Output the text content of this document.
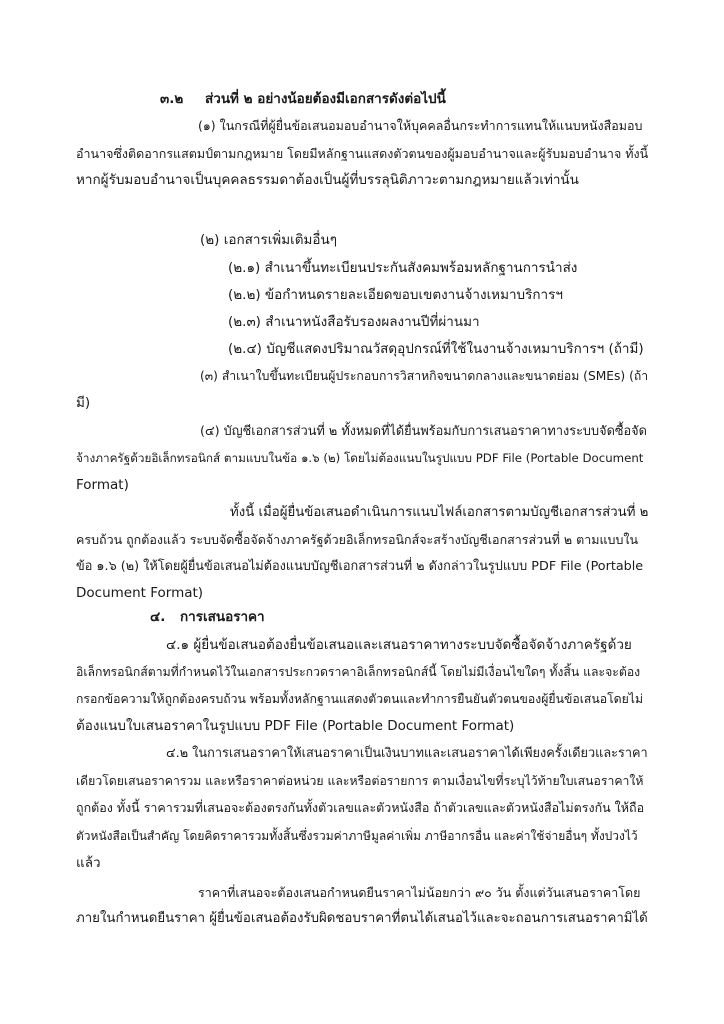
๓.๒ ส่วนที่ ๒ อย่างน้อยต้องมีเอกสารดังต่อไปนี้
(๑) ในกรณีที่ผู้ยื่นข้อเสนอมอบอำนาจให้บุคคลอื่นกระทำการแทนให้แนบหนังสือมอบ
อำนาจซึ่งติดอากรแสตมป์ตามกฎหมาย โดยมีหลักฐานแสดงตัวตนของผู้มอบอำนาจและผู้รับมอบอำนาจ ทั้งนี้
หากผู้รับมอบอำนาจเป็นบุคคลธรรมดาต้องเป็นผู้ที่บรรลุนิติภาวะตามกฎหมายแล้วเท่านั้น
(๒) เอกสารเพิ่มเติมอื่นๆ
(๒.๑) สำเนาขึ้นทะเบียนประกันสังคมพร้อมหลักฐานการนำส่ง
(๒.๒) ข้อกำหนดรายละเอียดขอบเขตงานจ้างเหมาบริการฯ
(๒.๓) สำเนาหนังสือรับรองผลงานปีที่ผ่านมา
(๒.๔) บัญชีแสดงปริมาณวัสดุอุปกรณ์ที่ใช้ในงานจ้างเหมาบริการฯ (ถ้ามี)
(๓) สำเนาใบขึ้นทะเบียนผู้ประกอบการวิสาหกิจขนาดกลางและขนาดย่อม (SMEs) (ถ้า
มี)
(๔) บัญชีเอกสารส่วนที่ ๒ ทั้งหมดที่ได้ยื่นพร้อมกับการเสนอราคาทางระบบจัดซื้อจัด
จ้างภาครัฐด้วยอิเล็กทรอนิกส์ ตามแบบในข้อ ๑.๖ (๒) โดยไม่ต้องแนบในรูปแบบ PDF File (Portable Document
Format)
ทั้งนี้ เมื่อผู้ยื่นข้อเสนอดำเนินการแนบไฟล์เอกสารตามบัญชีเอกสารส่วนที่ ๒
ครบถ้วน ถูกต้องแล้ว ระบบจัดซื้อจัดจ้างภาครัฐด้วยอิเล็กทรอนิกส์จะสร้างบัญชีเอกสารส่วนที่ ๒ ตามแบบใน
ข้อ ๑.๖ (๒) ให้โดยผู้ยื่นข้อเสนอไม่ต้องแนบบัญชีเอกสารส่วนที่ ๒ ดังกล่าวในรูปแบบ PDF File (Portable
Document Format)
๔. การเสนอราคา
๔.๑ ผู้ยื่นข้อเสนอต้องยื่นข้อเสนอและเสนอราคาทางระบบจัดซื้อจัดจ้างภาครัฐด้วย
อิเล็กทรอนิกส์ตามที่กำหนดไว้ในเอกสารประกวดราคาอิเล็กทรอนิกส์นี้ โดยไม่มีเงื่อนไขใดๆ ทั้งสิ้น และจะต้อง
กรอกข้อความให้ถูกต้องครบถ้วน พร้อมทั้งหลักฐานแสดงตัวตนและทำการยืนยันตัวตนของผู้ยื่นข้อเสนอโดยไม่
ต้องแนบใบเสนอราคาในรูปแบบ PDF File (Portable Document Format)
๔.๒ ในการเสนอราคาให้เสนอราคาเป็นเงินบาทและเสนอราคาได้เพียงครั้งเดียวและราคา
เดียวโดยเสนอราคารวม และหรือราคาต่อหน่วย และหรือต่อรายการ ตามเงื่อนไขที่ระบุไว้ท้ายใบเสนอราคาให้
ถูกต้อง ทั้งนี้ ราคารวมที่เสนอจะต้องตรงกันทั้งตัวเลขและตัวหนังสือ ถ้าตัวเลขและตัวหนังสือไม่ตรงกัน ให้ถือ
ตัวหนังสือเป็นสำคัญ โดยคิดราคารวมทั้งสิ้นซึ่งรวมค่าภาษีมูลค่าเพิ่ม ภาษีอากรอื่น และค่าใช้จ่ายอื่นๆ ทั้งปวงไว้
แล้ว
ราคาที่เสนอจะต้องเสนอกำหนดยืนราคาไม่น้อยกว่า ๙๐ วัน ตั้งแต่วันเสนอราคาโดย
ภายในกำหนดยืนราคา ผู้ยื่นข้อเสนอต้องรับผิดชอบราคาที่ตนได้เสนอไว้และจะถอนการเสนอราคามิได้
